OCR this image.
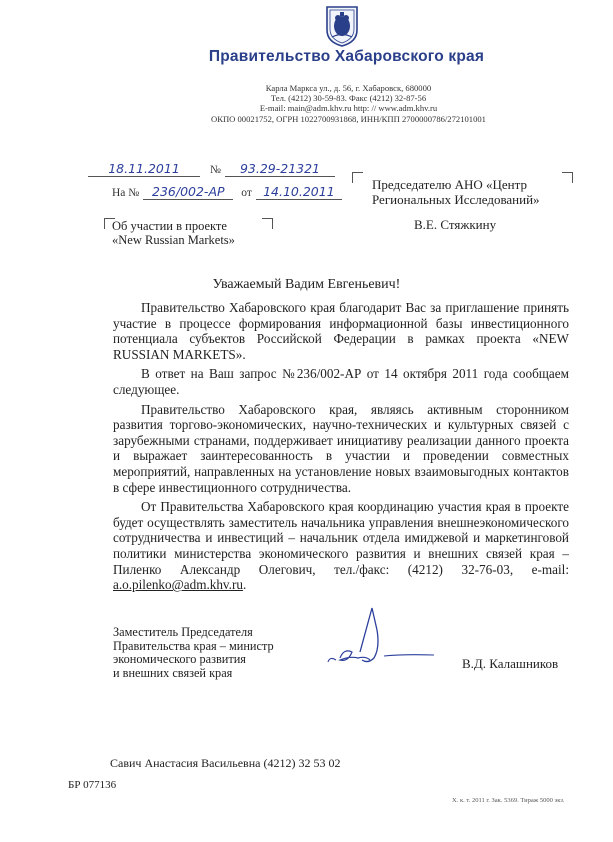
Правительство Хабаровского края
Карла Маркса ул., д. 56, г. Хабаровск, 680000
Тел. (4212) 30-59-83. Факс (4212) 32-87-56
E-mail: main@adm.khv.ru http: // www.adm.khv.ru
ОКПО 00021752, ОГРН 1022700931868, ИНН/КПП 2700000786/272101001
18.11.2011	№ 93.29-21321
На № 236/002-АР от 14.10.2011	Председателю АНО «Центр
Региональных Исследований»
В.Е. Стяжкину
Об участии в проекте
«New Russian Markets»
Уважаемый Вадим Евгеньевич!

Правительство Хабаровского края благодарит Вас за приглашение принять участие в процессе формирования информационной базы инвестиционного потенциала субъектов Российской Федерации в рамках проекта «NEW RUSSIAN MARKETS».

В ответ на Ваш запрос №236/002-АР от 14 октября 2011 года сообщаем следующее.

Правительство Хабаровского края, являясь активным сторонником развития торгово-экономических, научно-технических и культурных связей с зарубежными странами, поддерживает инициативу реализации данного проекта и выражает заинтересованность в участии и проведении совместных мероприятий, направленных на установление новых взаимовыгодных контактов в сфере инвестиционного сотрудничества.

От Правительства Хабаровского края координацию участия края в проекте будет осуществлять заместитель начальника управления внешнеэкономического сотрудничества и инвестиций – начальник отдела имиджевой и маркетинговой политики министерства экономического развития и внешних связей края – Пиленко Александр Олегович, тел./факс: (4212) 32-76-03, e-mail: a.o.pilenko@adm.khv.ru.

Заместитель Председателя
Правительства края – министр
экономического развития
и внешних связей края
В.Д. Калашников
Савич Анастасия Васильевна (4212) 32 53 02
БР 077136
Х. к. т. 2011 г. Зак. 5369. Тираж 5000 экз.
